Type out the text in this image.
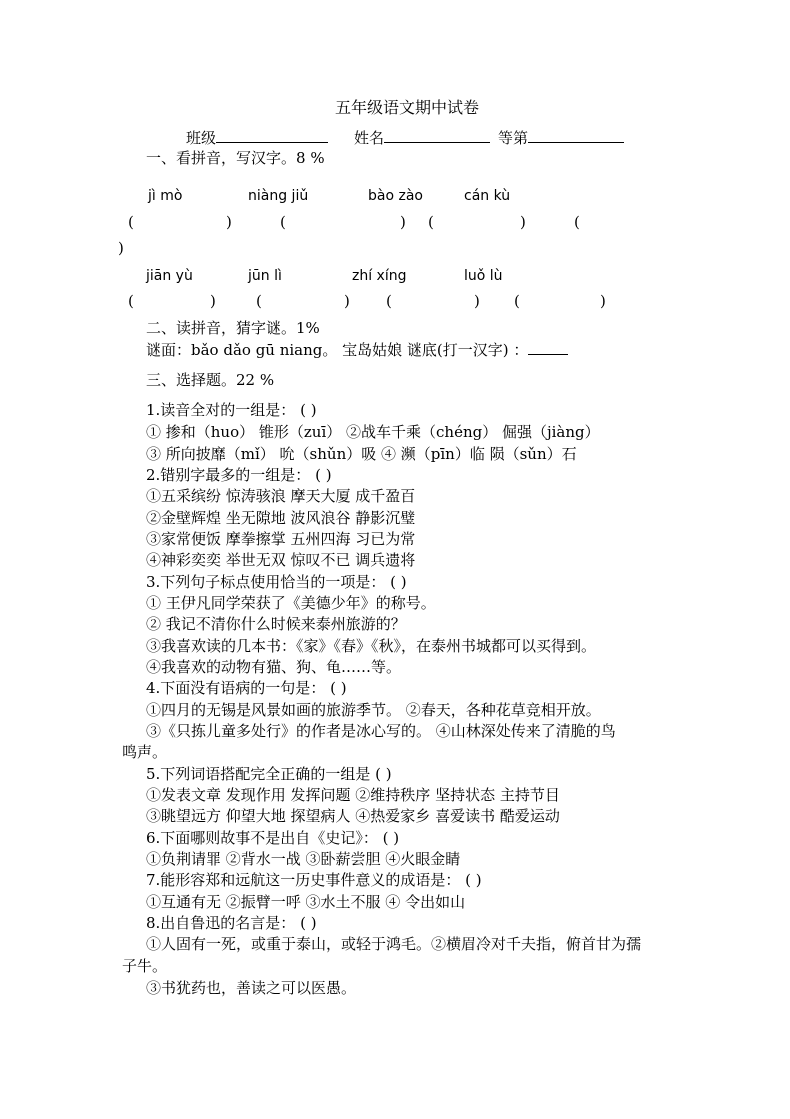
五年级语文期中试卷
班级	姓名	等第
一、看拼音，写汉字。8 %
jì mò	niàng jiǔ	bào zào	cán kù
(	)	(	) (	)	(
)
jiān yù	jūn lì	zhí xíng	luǒ lù
(	)	(	) (	) (	)
二、读拼音，猜字谜。1%
谜面：bǎo dǎo gū niang。 宝岛姑娘 谜底(打一汉字) ：
三、选择题。22 %
1.读音全对的一组是： ( )
① 掺和（huo） 锥形（zuī） ②战车千乘（chéng） 倔强（jiàng）
③ 所向披靡（mǐ） 吮（shǔn）吸 ④ 濒（pīn）临 陨（sǔn）石
2.错别字最多的一组是： ( )
①五采缤纷 惊涛骇浪 摩天大厦 成千盈百
②金壁辉煌 坐无隙地 波风浪谷 静影沉璧
③家常便饭 摩拳擦掌 五州四海 习已为常
④神彩奕奕 举世无双 惊叹不已 调兵遗将
3.下列句子标点使用恰当的一项是： ( )
① 王伊凡同学荣获了《美德少年》的称号。
② 我记不清你什么时候来泰州旅游的？
③我喜欢读的几本书：《家》《春》《秋》，在泰州书城都可以买得到。
④我喜欢的动物有猫、狗、龟……等。
4.下面没有语病的一句是： ( )
①四月的无锡是风景如画的旅游季节。 ②春天，各种花草竞相开放。
③《只拣儿童多处行》的作者是冰心写的。 ④山林深处传来了清脆的鸟
鸣声。
5.下列词语搭配完全正确的一组是 ( )
①发表文章 发现作用 发挥问题 ②维持秩序 坚持状态 主持节目
③眺望远方 仰望大地 探望病人 ④热爱家乡 喜爱读书 酷爱运动
6.下面哪则故事不是出自《史记》： ( )
①负荆请罪 ②背水一战 ③卧薪尝胆 ④火眼金睛
7.能形容郑和远航这一历史事件意义的成语是： ( )
①互通有无 ②振臂一呼 ③水土不服 ④ 令出如山
8.出自鲁迅的名言是： ( )
①人固有一死，或重于泰山，或轻于鸿毛。②横眉冷对千夫指，俯首甘为孺
子牛。
③书犹药也，善读之可以医愚。
